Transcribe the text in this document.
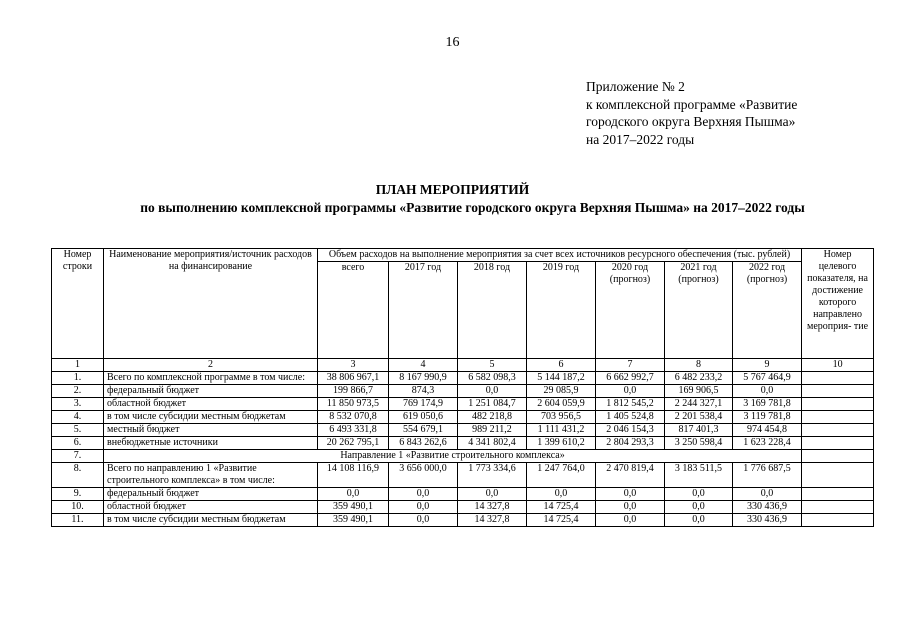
16
Приложение № 2
к комплексной программе «Развитие
городского округа Верхняя Пышма»
на 2017–2022 годы
ПЛАН МЕРОПРИЯТИЙ
по выполнению комплексной программы «Развитие городского округа Верхняя Пышма» на 2017–2022 годы
Номер строки	Наименование мероприятия/источник расходов на финансирование	Объем расходов на выполнение мероприятия за счет всех источников ресурсного обеспечения (тыс. рублей)							Номер целевого показателя, на достижение которого направлено мероприя- тие
		всего	2017 год	2018 год	2019 год	2020 год (прогноз)	2021 год (прогноз)	2022 год (прогноз)	
1	2	3	4	5	6	7	8	9	10
1.	Всего по комплексной программе в том числе:	38 806 967,1	8 167 990,9	6 582 098,3	5 144 187,2	6 662 992,7	6 482 233,2	5 767 464,9	
2.	федеральный бюджет	199 866,7	874,3	0,0	29 085,9	0,0	169 906,5	0,0	
3.	областной бюджет	11 850 973,5	769 174,9	1 251 084,7	2 604 059,9	1 812 545,2	2 244 327,1	3 169 781,8	
4.	в том числе субсидии местным бюджетам	8 532 070,8	619 050,6	482 218,8	703 956,5	1 405 524,8	2 201 538,4	3 119 781,8	
5.	местный бюджет	6 493 331,8	554 679,1	989 211,2	1 111 431,2	2 046 154,3	817 401,3	974 454,8	
6.	внебюджетные источники	20 262 795,1	6 843 262,6	4 341 802,4	1 399 610,2	2 804 293,3	3 250 598,4	1 623 228,4	
7.	Направление 1 «Развитие строительного комплекса»								
8.	Всего по направлению 1 «Развитие строительного комплекса» в том числе:	14 108 116,9	3 656 000,0	1 773 334,6	1 247 764,0	2 470 819,4	3 183 511,5	1 776 687,5	
9.	федеральный бюджет	0,0	0,0	0,0	0,0	0,0	0,0	0,0	
10.	областной бюджет	359 490,1	0,0	14 327,8	14 725,4	0,0	0,0	330 436,9	
11.	в том числе субсидии местным бюджетам	359 490,1	0,0	14 327,8	14 725,4	0,0	0,0	330 436,9	
